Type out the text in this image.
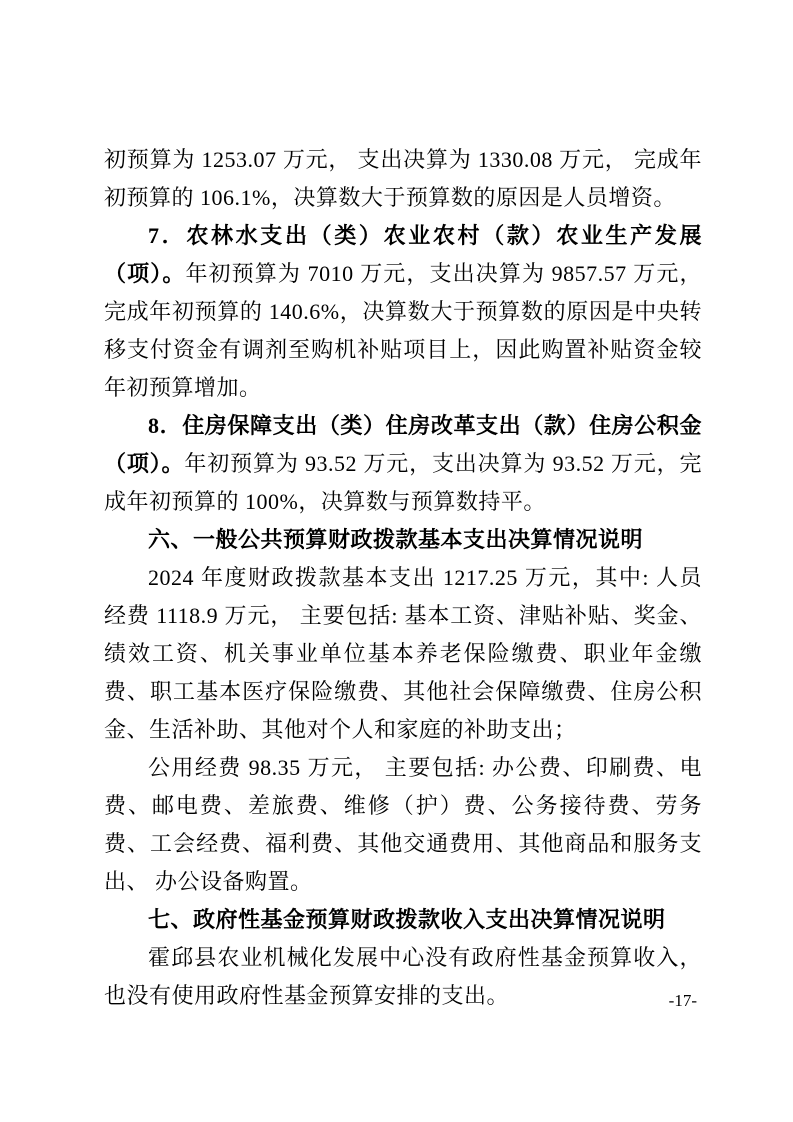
初预算为 1253.07 万元， 支出决算为 1330.08 万元， 完成年初预算的 106.1%，决算数大于预算数的原因是人员增资。

7．农林水支出（类）农业农村（款）农业生产发展（项）。年初预算为 7010 万元，支出决算为 9857.57 万元，完成年初预算的 140.6%，决算数大于预算数的原因是中央转移支付资金有调剂至购机补贴项目上，因此购置补贴资金较年初预算增加。

8．住房保障支出（类）住房改革支出（款）住房公积金（项）。年初预算为 93.52 万元，支出决算为 93.52 万元，完成年初预算的 100%，决算数与预算数持平。

六、一般公共预算财政拨款基本支出决算情况说明

2024 年度财政拨款基本支出 1217.25 万元，其中: 人员经费 1118.9 万元， 主要包括: 基本工资、津贴补贴、奖金、绩效工资、机关事业单位基本养老保险缴费、职业年金缴费、职工基本医疗保险缴费、其他社会保障缴费、住房公积金、生活补助、其他对个人和家庭的补助支出；

公用经费 98.35 万元， 主要包括: 办公费、印刷费、电费、邮电费、差旅费、维修（护）费、公务接待费、劳务费、工会经费、福利费、其他交通费用、其他商品和服务支出、 办公设备购置。

七、政府性基金预算财政拨款收入支出决算情况说明

霍邱县农业机械化发展中心没有政府性基金预算收入，也没有使用政府性基金预算安排的支出。	-17-
